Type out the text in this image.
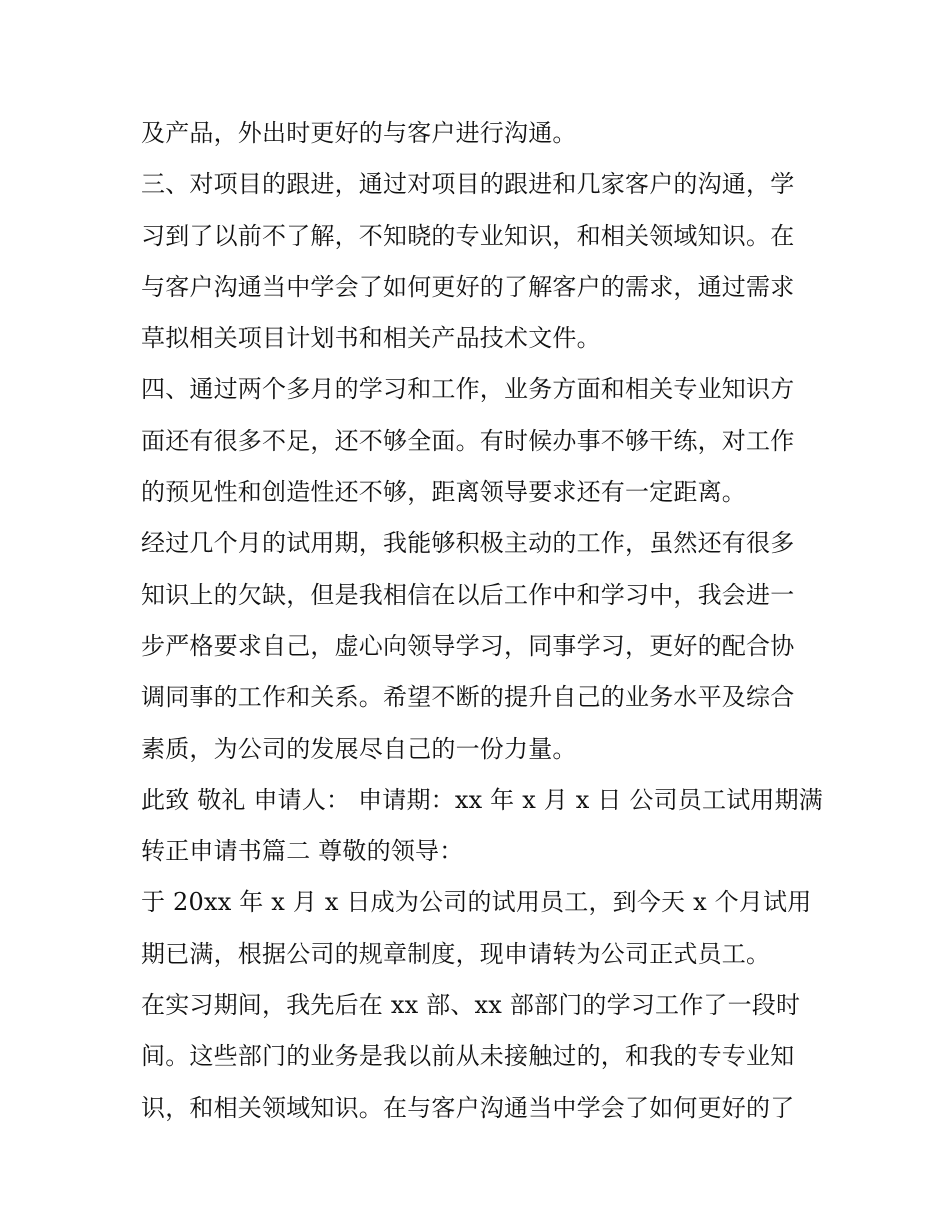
及产品，外出时更好的与客户进行沟通。
三、对项目的跟进，通过对项目的跟进和几家客户的沟通，学
习到了以前不了解，不知晓的专业知识，和相关领域知识。在
与客户沟通当中学会了如何更好的了解客户的需求，通过需求
草拟相关项目计划书和相关产品技术文件。
四、通过两个多月的学习和工作，业务方面和相关专业知识方
面还有很多不足，还不够全面。有时候办事不够干练，对工作
的预见性和创造性还不够，距离领导要求还有一定距离。
经过几个月的试用期，我能够积极主动的工作，虽然还有很多
知识上的欠缺，但是我相信在以后工作中和学习中，我会进一
步严格要求自己，虚心向领导学习，同事学习，更好的配合协
调同事的工作和关系。希望不断的提升自己的业务水平及综合
素质，为公司的发展尽自己的一份力量。
此致 敬礼 申请人： 申请期：xx 年 x 月 x 日 公司员工试用期满
转正申请书篇二 尊敬的领导：
于 20xx 年 x 月 x 日成为公司的试用员工，到今天 x 个月试用
期已满，根据公司的规章制度，现申请转为公司正式员工。
在实习期间，我先后在 xx 部、xx 部部门的学习工作了一段时
间。这些部门的业务是我以前从未接触过的，和我的专专业知
识，和相关领域知识。在与客户沟通当中学会了如何更好的了
